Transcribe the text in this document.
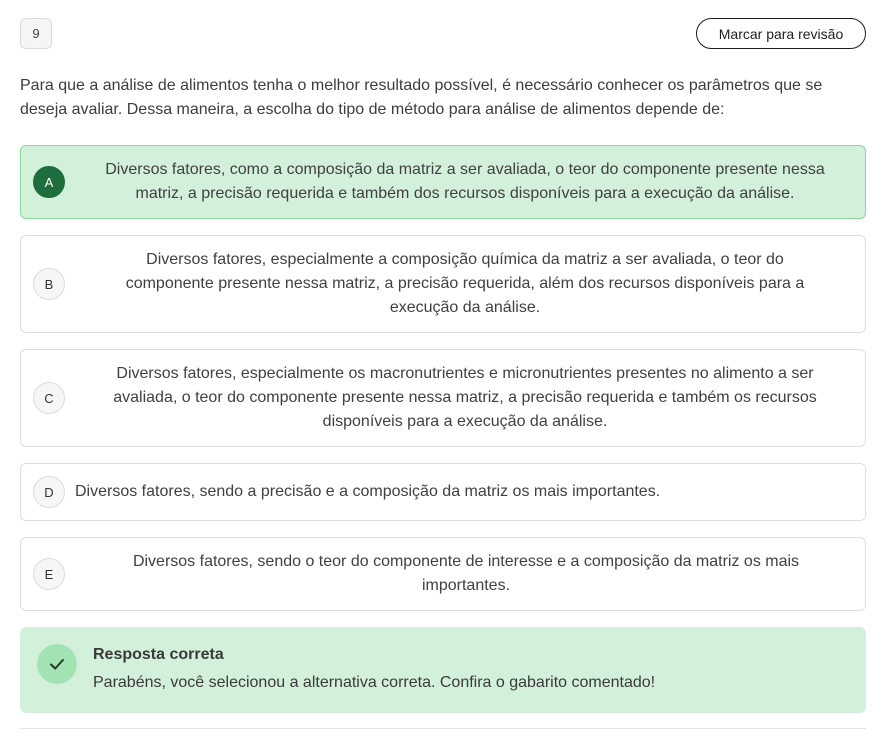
9	Marcar para revisão

Para que a análise de alimentos tenha o melhor resultado possível, é necessário conhecer os parâmetros que se deseja avaliar. Dessa maneira, a escolha do tipo de método para análise de alimentos depende de:

A
Diversos fatores, como a composição da matriz a ser avaliada, o teor do componente presente nessa matriz, a precisão requerida e também dos recursos disponíveis para a execução da análise.
B
Diversos fatores, especialmente a composição química da matriz a ser avaliada, o teor do componente presente nessa matriz, a precisão requerida, além dos recursos disponíveis para a execução da análise.
C
Diversos fatores, especialmente os macronutrientes e micronutrientes presentes no alimento a ser avaliada, o teor do componente presente nessa matriz, a precisão requerida e também os recursos disponíveis para a execução da análise.
D	Diversos fatores, sendo a precisão e a composição da matriz os mais importantes.
E
Diversos fatores, sendo o teor do componente de interesse e a composição da matriz os mais importantes.
Resposta correta
Parabéns, você selecionou a alternativa correta. Confira o gabarito comentado!
